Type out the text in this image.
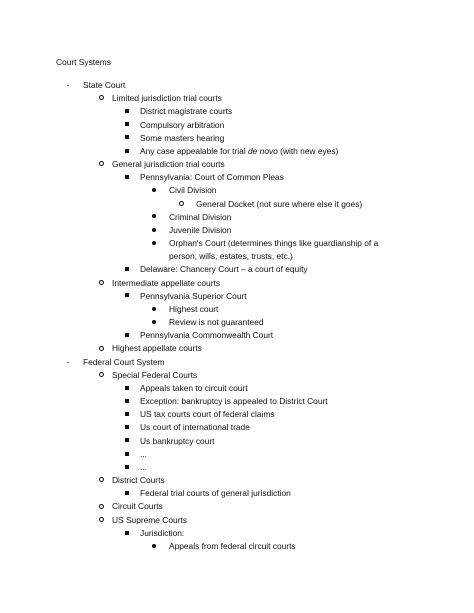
Court Systems
-	State Court
Limited jurisdiction trial courts
District magistrate courts
Compulsory arbitration
Some masters hearing
Any case appealable for trial de novo (with new eyes)
General jurisdiction trial courts
Pennsylvania: Court of Common Pleas
Civil Division
General Docket (not sure where else it goes)
Criminal Division
Juvenile Division
Orphan's Court (determines things like guardianship of a
person, wills, estates, trusts, etc.)
Delaware: Chancery Court – a court of equity
Intermediate appellate courts
Pennsylvania Superior Court
Highest court
Review is not guaranteed
Pennsylvania Commonwealth Court
Highest appellate courts
-	Federal Court System
Special Federal Courts
Appeals taken to circuit court
Exception: bankruptcy is appealed to District Court
US tax courts court of federal claims
Us court of international trade
Us bankruptcy court
...
...
District Courts
Federal trial courts of general jurisdiction
Circuit Courts
US Supreme Courts
Jurisdiction:
Appeals from federal circuit courts
